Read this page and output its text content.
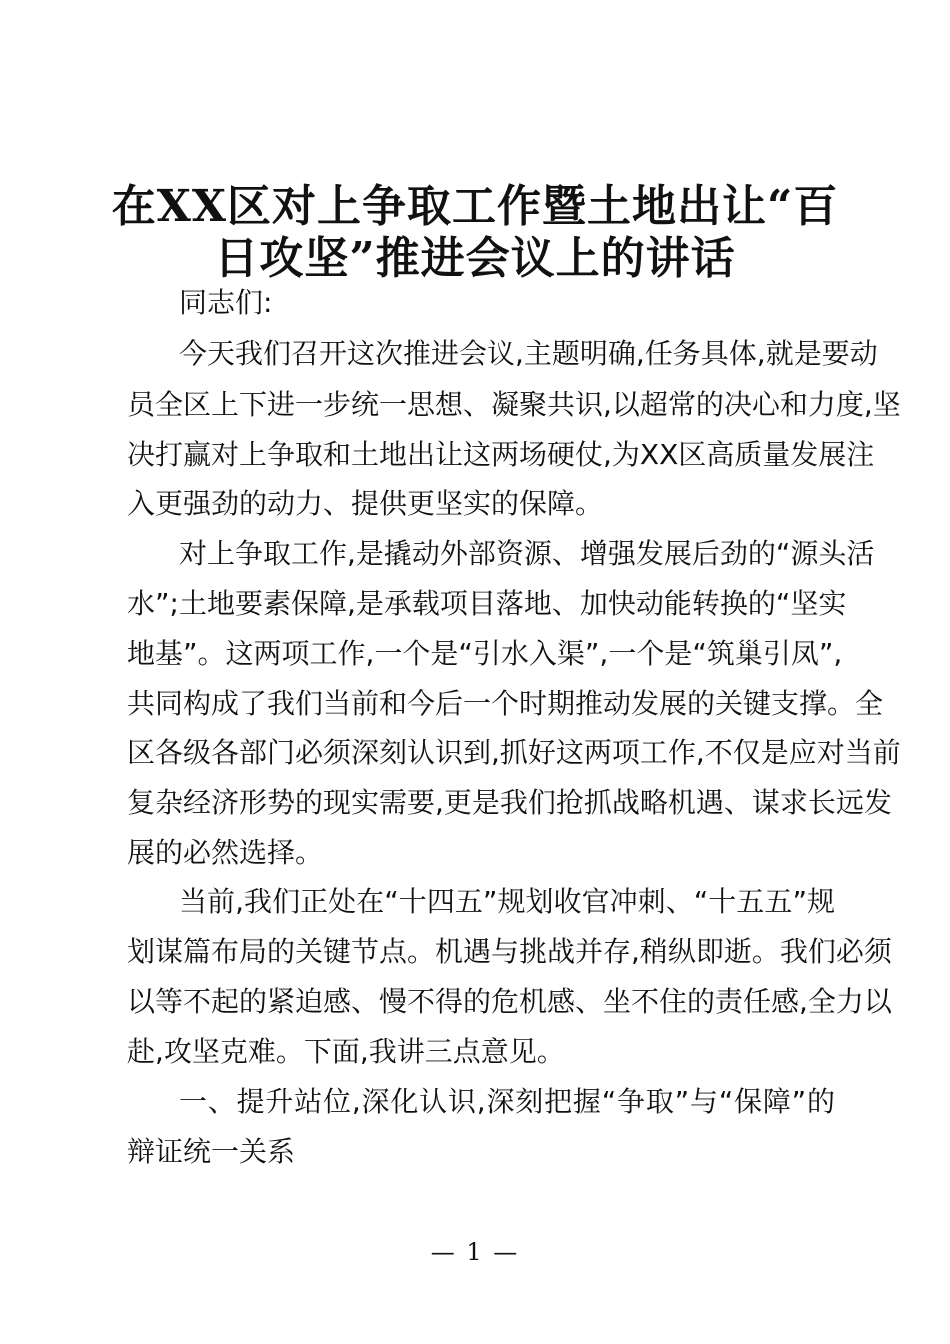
在XX区对上争取工作暨土地出让“百
日攻坚”推进会议上的讲话

同志们:

今天我们召开这次推进会议,主题明确,任务具体,就是要动

员全区上下进一步统一思想、凝聚共识,以超常的决心和力度,坚

决打赢对上争取和土地出让这两场硬仗,为XX区高质量发展注

入更强劲的动力、提供更坚实的保障。

对上争取工作,是撬动外部资源、增强发展后劲的“源头活

水”;土地要素保障,是承载项目落地、加快动能转换的“坚实

地基”。这两项工作,一个是“引水入渠”,一个是“筑巢引凤”,

共同构成了我们当前和今后一个时期推动发展的关键支撑。全

区各级各部门必须深刻认识到,抓好这两项工作,不仅是应对当前

复杂经济形势的现实需要,更是我们抢抓战略机遇、谋求长远发

展的必然选择。

当前,我们正处在“十四五”规划收官冲刺、“十五五”规

划谋篇布局的关键节点。机遇与挑战并存,稍纵即逝。我们必须

以等不起的紧迫感、慢不得的危机感、坐不住的责任感,全力以

赴,攻坚克难。下面,我讲三点意见。

一、提升站位,深化认识,深刻把握“争取”与“保障”的

辩证统一关系

— 1 —
